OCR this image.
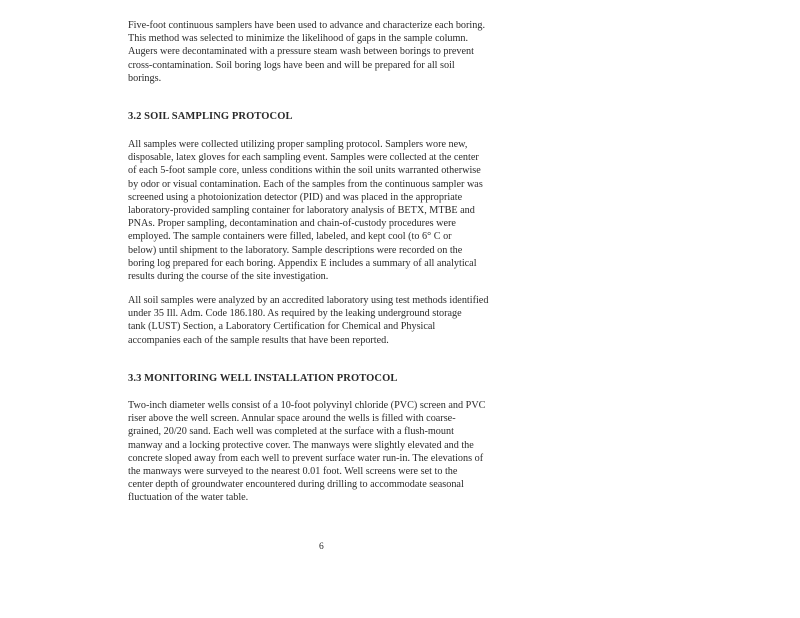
Five-foot continuous samplers have been used to advance and characterize each boring.
This method was selected to minimize the likelihood of gaps in the sample column.
Augers were decontaminated with a pressure steam wash between borings to prevent
cross-contamination. Soil boring logs have been and will be prepared for all soil
borings.
3.2 SOIL SAMPLING PROTOCOL
All samples were collected utilizing proper sampling protocol. Samplers wore new,
disposable, latex gloves for each sampling event. Samples were collected at the center
of each 5-foot sample core, unless conditions within the soil units warranted otherwise
by odor or visual contamination. Each of the samples from the continuous sampler was
screened using a photoionization detector (PID) and was placed in the appropriate
laboratory-provided sampling container for laboratory analysis of BETX, MTBE and
PNAs. Proper sampling, decontamination and chain-of-custody procedures were
employed. The sample containers were filled, labeled, and kept cool (to 6° C or
below) until shipment to the laboratory. Sample descriptions were recorded on the
boring log prepared for each boring. Appendix E includes a summary of all analytical
results during the course of the site investigation.
All soil samples were analyzed by an accredited laboratory using test methods identified
under 35 Ill. Adm. Code 186.180. As required by the leaking underground storage
tank (LUST) Section, a Laboratory Certification for Chemical and Physical
accompanies each of the sample results that have been reported.
3.3 MONITORING WELL INSTALLATION PROTOCOL
Two-inch diameter wells consist of a 10-foot polyvinyl chloride (PVC) screen and PVC
riser above the well screen. Annular space around the wells is filled with coarse-
grained, 20/20 sand. Each well was completed at the surface with a flush-mount
manway and a locking protective cover. The manways were slightly elevated and the
concrete sloped away from each well to prevent surface water run-in. The elevations of
the manways were surveyed to the nearest 0.01 foot. Well screens were set to the
center depth of groundwater encountered during drilling to accommodate seasonal
fluctuation of the water table.
6
